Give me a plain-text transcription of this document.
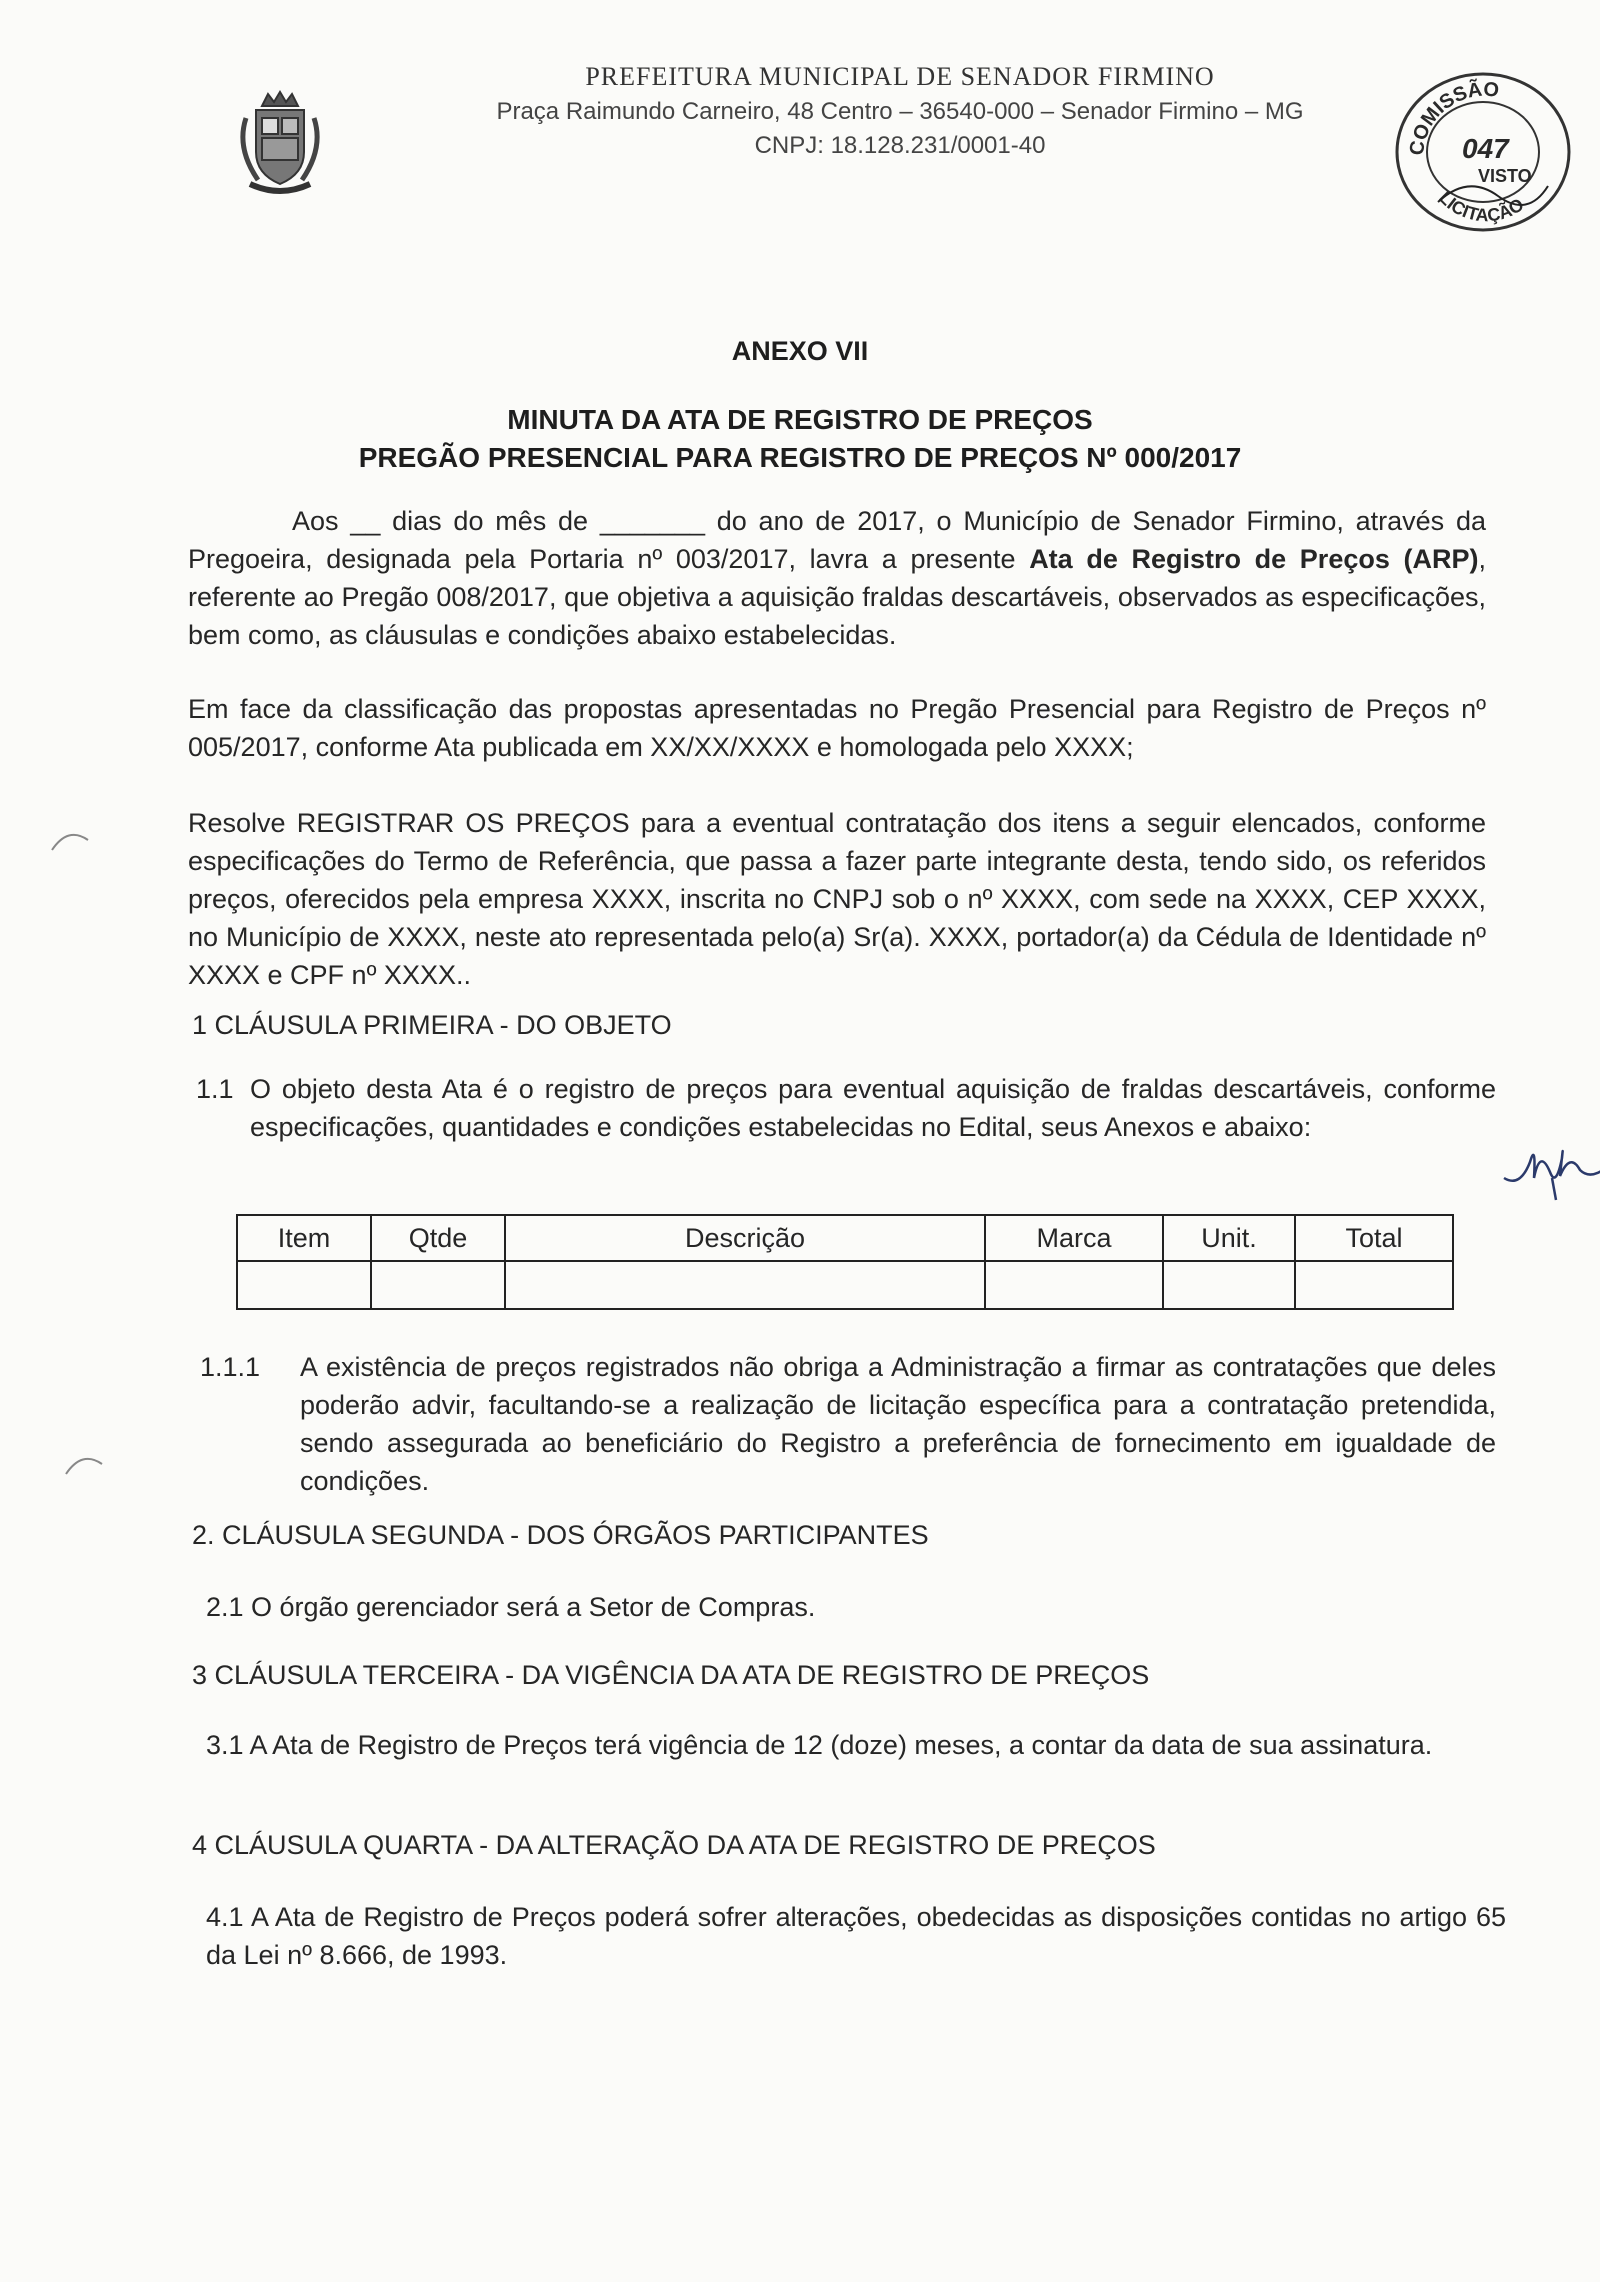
PREFEITURA MUNICIPAL DE SENADOR FIRMINO
Praça Raimundo Carneiro, 48 Centro – 36540-000 – Senador Firmino – MG
CNPJ: 18.128.231/0001-40	COMISSÃO
047
VISTO
LICITAÇÃO
ANEXO VII
MINUTA DA ATA DE REGISTRO DE PREÇOS
PREGÃO PRESENCIAL PARA REGISTRO DE PREÇOS Nº 000/2017
Aos __ dias do mês de _______ do ano de 2017, o Município de Senador Firmino, através da Pregoeira, designada pela Portaria nº 003/2017, lavra a presente Ata de Registro de Preços (ARP), referente ao Pregão 008/2017, que objetiva a aquisição fraldas descartáveis, observados as especificações, bem como, as cláusulas e condições abaixo estabelecidas.
Em face da classificação das propostas apresentadas no Pregão Presencial para Registro de Preços nº 005/2017, conforme Ata publicada em XX/XX/XXXX e homologada pelo XXXX;
Resolve REGISTRAR OS PREÇOS para a eventual contratação dos itens a seguir elencados, conforme especificações do Termo de Referência, que passa a fazer parte integrante desta, tendo sido, os referidos preços, oferecidos pela empresa XXXX, inscrita no CNPJ sob o nº XXXX, com sede na XXXX, CEP XXXX, no Município de XXXX, neste ato representada pelo(a) Sr(a). XXXX, portador(a) da Cédula de Identidade nº XXXX e CPF nº XXXX..
1 CLÁUSULA PRIMEIRA - DO OBJETO
1.1 O objeto desta Ata é o registro de preços para eventual aquisição de fraldas descartáveis, conforme especificações, quantidades e condições estabelecidas no Edital, seus Anexos e abaixo:
Item	Qtde	Descrição	Marca	Unit.	Total

1.1.1 A existência de preços registrados não obriga a Administração a firmar as contratações que deles poderão advir, facultando-se a realização de licitação específica para a contratação pretendida, sendo assegurada ao beneficiário do Registro a preferência de fornecimento em igualdade de condições.
2. CLÁUSULA SEGUNDA - DOS ÓRGÃOS PARTICIPANTES
2.1 O órgão gerenciador será a Setor de Compras.
3 CLÁUSULA TERCEIRA - DA VIGÊNCIA DA ATA DE REGISTRO DE PREÇOS
3.1 A Ata de Registro de Preços terá vigência de 12 (doze) meses, a contar da data de sua assinatura.
4 CLÁUSULA QUARTA - DA ALTERAÇÃO DA ATA DE REGISTRO DE PREÇOS
4.1 A Ata de Registro de Preços poderá sofrer alterações, obedecidas as disposições contidas no artigo 65 da Lei nº 8.666, de 1993.
